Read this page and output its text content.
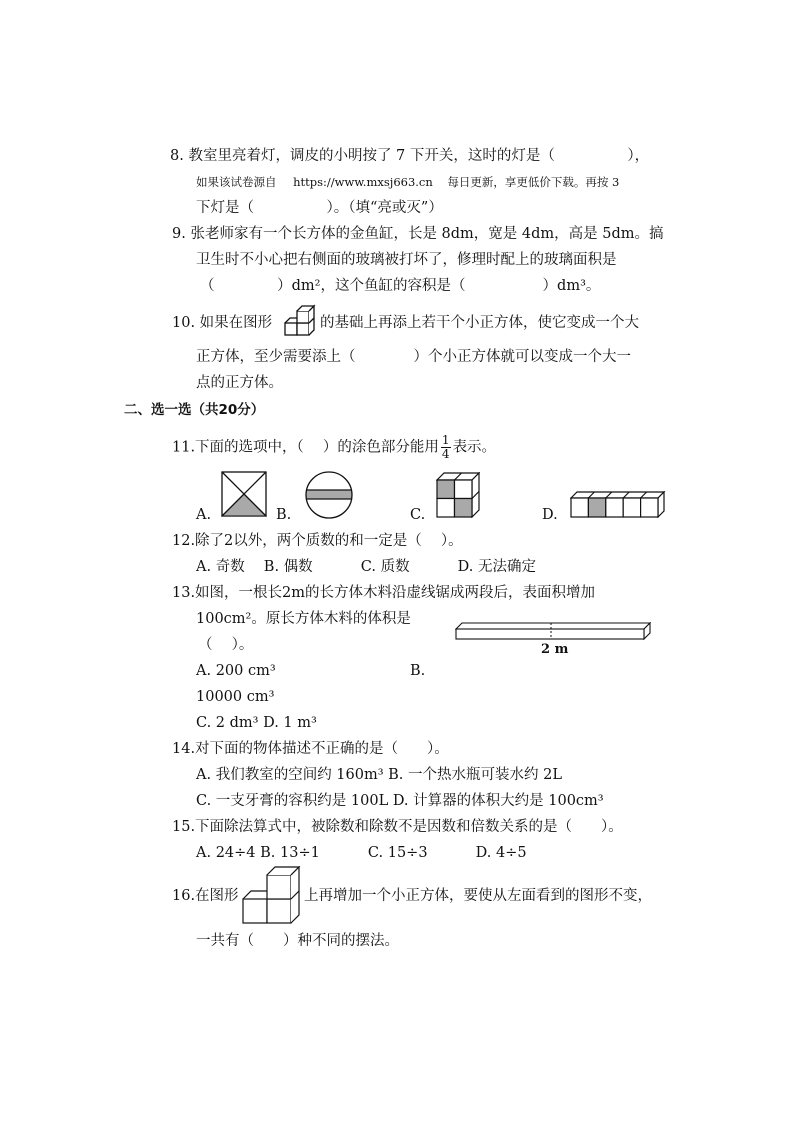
8. 教室里亮着灯，调皮的小明按了 7 下开关，这时的灯是（　　　　　），
如果该试卷源自 https://www.mxsj663.cn 每日更新，享更低价下载。再按 3
下灯是（　　　　　）。（填“亮或灭”）
9. 张老师家有一个长方体的金鱼缸，长是 8dm，宽是 4dm，高是 5dm。搞
卫生时不小心把右侧面的玻璃被打坏了，修理时配上的玻璃面积是
（　　　　 ）dm²，这个鱼缸的容积是（　　　　　 ）dm³。
10. 如果在图形	的基础上再添上若干个小正方体，使它变成一个大
正方体，至少需要添上（　　　　）个小正方体就可以变成一个大一
点的正方体。
二、选一选（共20分）
11.下面的选项中，（　 ）的涂色部分能用 $\frac{1}{4}$ 表示。
A.	B.	C.	D.
12.除了2以外，两个质数的和一定是（　 ）。
A. 奇数　 B. 偶数　　　 C. 质数　　　 D. 无法确定
13.如图，一根长2m的长方体木料沿虚线锯成两段后，表面积增加
100cm²。原长方体木料的体积是
（　 ）。	2 m
A. 200 cm³	B.
10000 cm³
C. 2 dm³ D. 1 m³
14.对下面的物体描述不正确的是（　　）。
A. 我们教室的空间约 160m³ B. 一个热水瓶可装水约 2L
C. 一支牙膏的容积约是 100L D. 计算器的体积大约是 100cm³
15.下面除法算式中，被除数和除数不是因数和倍数关系的是（　　）。
A. 24÷4 B. 13÷1　　　 C. 15÷3　　　 D. 4÷5
16.在图形	上再增加一个小正方体，要使从左面看到的图形不变，
一共有（　　）种不同的摆法。
